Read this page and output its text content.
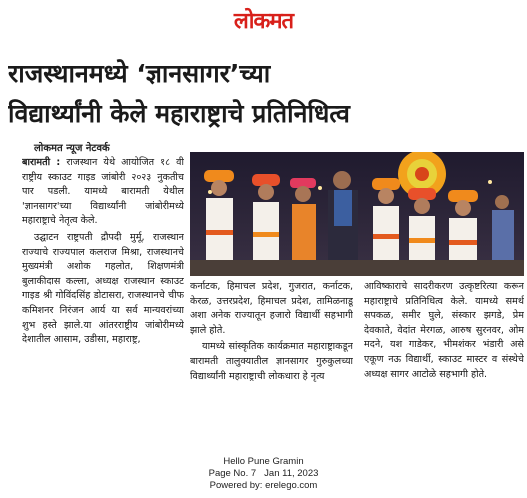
लोकमत
राजस्थानमध्ये ‘ज्ञानसागर’च्या
विद्यार्थ्यांनी केले महाराष्ट्राचे प्रतिनिधित्व
लोकमत न्यूज नेटवर्क

बारामती : राजस्थान येथे आयोजित १८ वी राष्ट्रीय स्काउट गाइड जांबोरी २०२३ नुकतीच पार पडली. यामध्ये बारामती येथील 'ज्ञानसागर'च्या विद्यार्थ्यांनी जांबोरीमध्ये महाराष्ट्राचे नेतृत्व केले.

उद्घाटन राष्ट्रपती द्रौपदी मुर्मू, राजस्थान राज्याचे राज्यपाल कलराज मिश्रा, राजस्थानचे मुख्यमंत्री अशोक गहलोत, शिक्षणमंत्री बुलाकीदास कल्ला, अध्यक्ष राजस्थान स्काउट गाइड श्री गोविंदसिंह डोटासरा, राजस्थानचे चीफ कमिशनर निरंजन आर्य या सर्व मान्यवरांच्या शुभ हस्ते झाले.या आंतरराष्ट्रीय जांबोरीमध्ये देशातील आसाम, उडीसा, महाराष्ट्र,

कर्नाटक, हिमाचल प्रदेश, गुजरात, कर्नाटक, केरळ, उत्तरप्रदेश, हिमाचल प्रदेश, तामिळनाडू अशा अनेक राज्यातून हजारो विद्यार्थी सहभागी झाले होते.

यामध्ये सांस्कृतिक कार्यक्रमात महाराष्ट्राकडून बारामती तालुक्यातील ज्ञानसागर गुरुकुलच्या विद्यार्थ्यांनी महाराष्ट्राची लोकधारा हे नृत्य

आविष्काराचे सादरीकरण उत्कृष्टरित्या करून महाराष्ट्राचे प्रतिनिधित्व केले. यामध्ये समर्थ सपकळ, समीर घुले, संस्कार झगडे, प्रेम देवकाते, वेदांत मेरगळ, आरुष सुरनवर, ओम मदने, यश गाडेकर, भीमशंकर भंडारी असे एकूण नऊ विद्यार्थी, स्काउट मास्टर व संस्थेचे अध्यक्ष सागर आटोळे सहभागी होते.

Hello Pune Gramin
Page No. 7 Jan 11, 2023
Powered by: erelego.com
